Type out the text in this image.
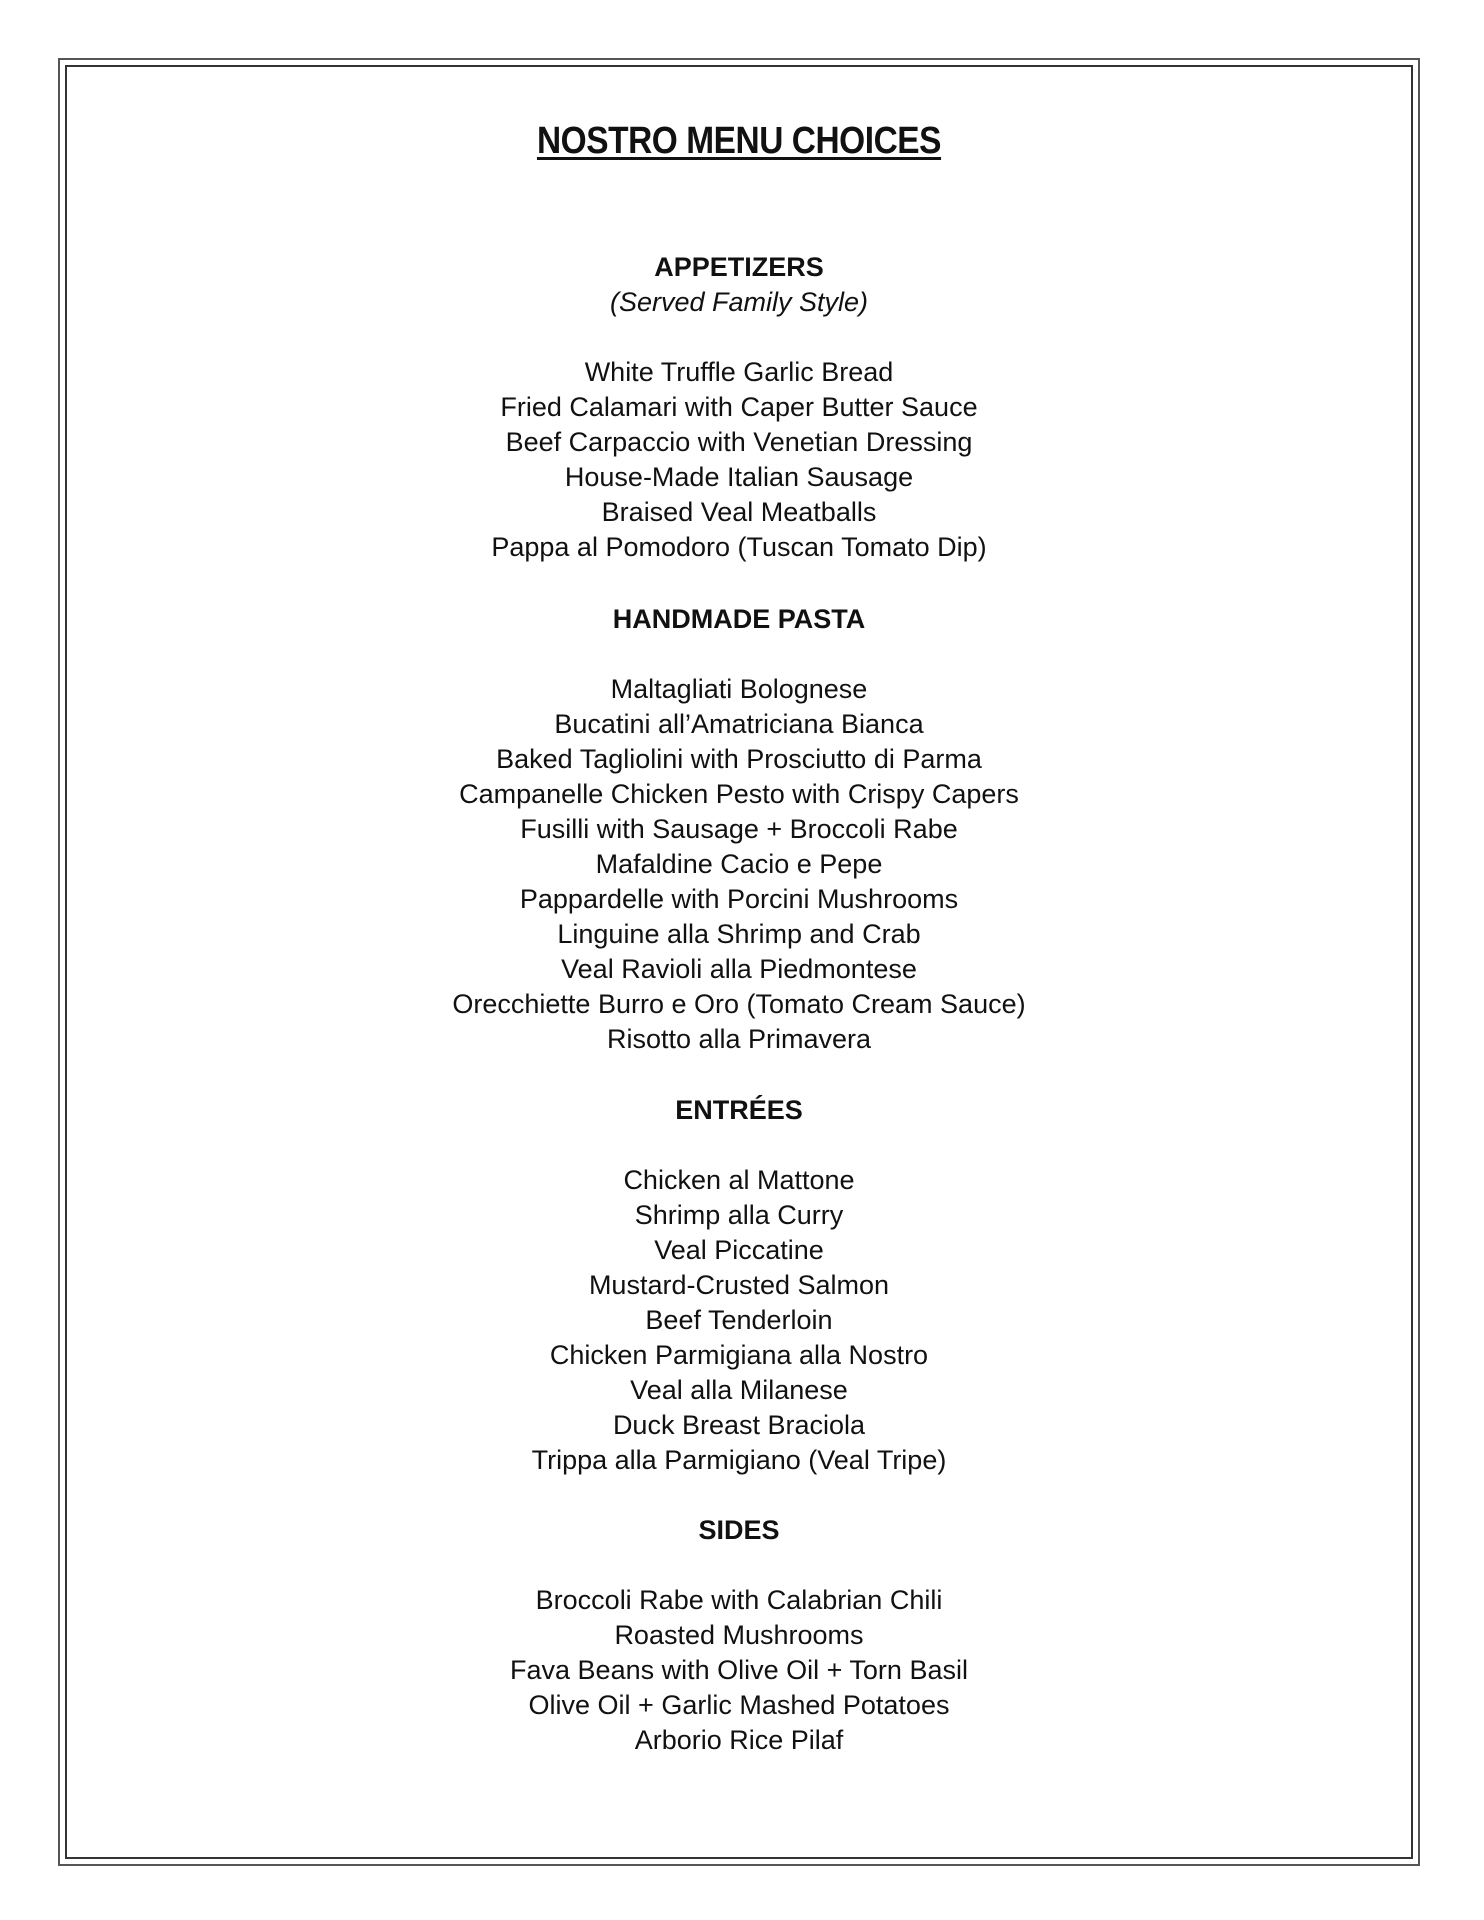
NOSTRO MENU CHOICES

APPETIZERS

(Served Family Style)

White Truffle Garlic Bread
Fried Calamari with Caper Butter Sauce
Beef Carpaccio with Venetian Dressing
House-Made Italian Sausage
Braised Veal Meatballs
Pappa al Pomodoro (Tuscan Tomato Dip)

HANDMADE PASTA

Maltagliati Bolognese
Bucatini all’Amatriciana Bianca
Baked Tagliolini with Prosciutto di Parma
Campanelle Chicken Pesto with Crispy Capers
Fusilli with Sausage + Broccoli Rabe
Mafaldine Cacio e Pepe
Pappardelle with Porcini Mushrooms
Linguine alla Shrimp and Crab
Veal Ravioli alla Piedmontese
Orecchiette Burro e Oro (Tomato Cream Sauce)
Risotto alla Primavera

ENTRÉES

Chicken al Mattone
Shrimp alla Curry
Veal Piccatine
Mustard-Crusted Salmon
Beef Tenderloin
Chicken Parmigiana alla Nostro
Veal alla Milanese
Duck Breast Braciola
Trippa alla Parmigiano (Veal Tripe)

SIDES

Broccoli Rabe with Calabrian Chili
Roasted Mushrooms
Fava Beans with Olive Oil + Torn Basil
Olive Oil + Garlic Mashed Potatoes
Arborio Rice Pilaf
